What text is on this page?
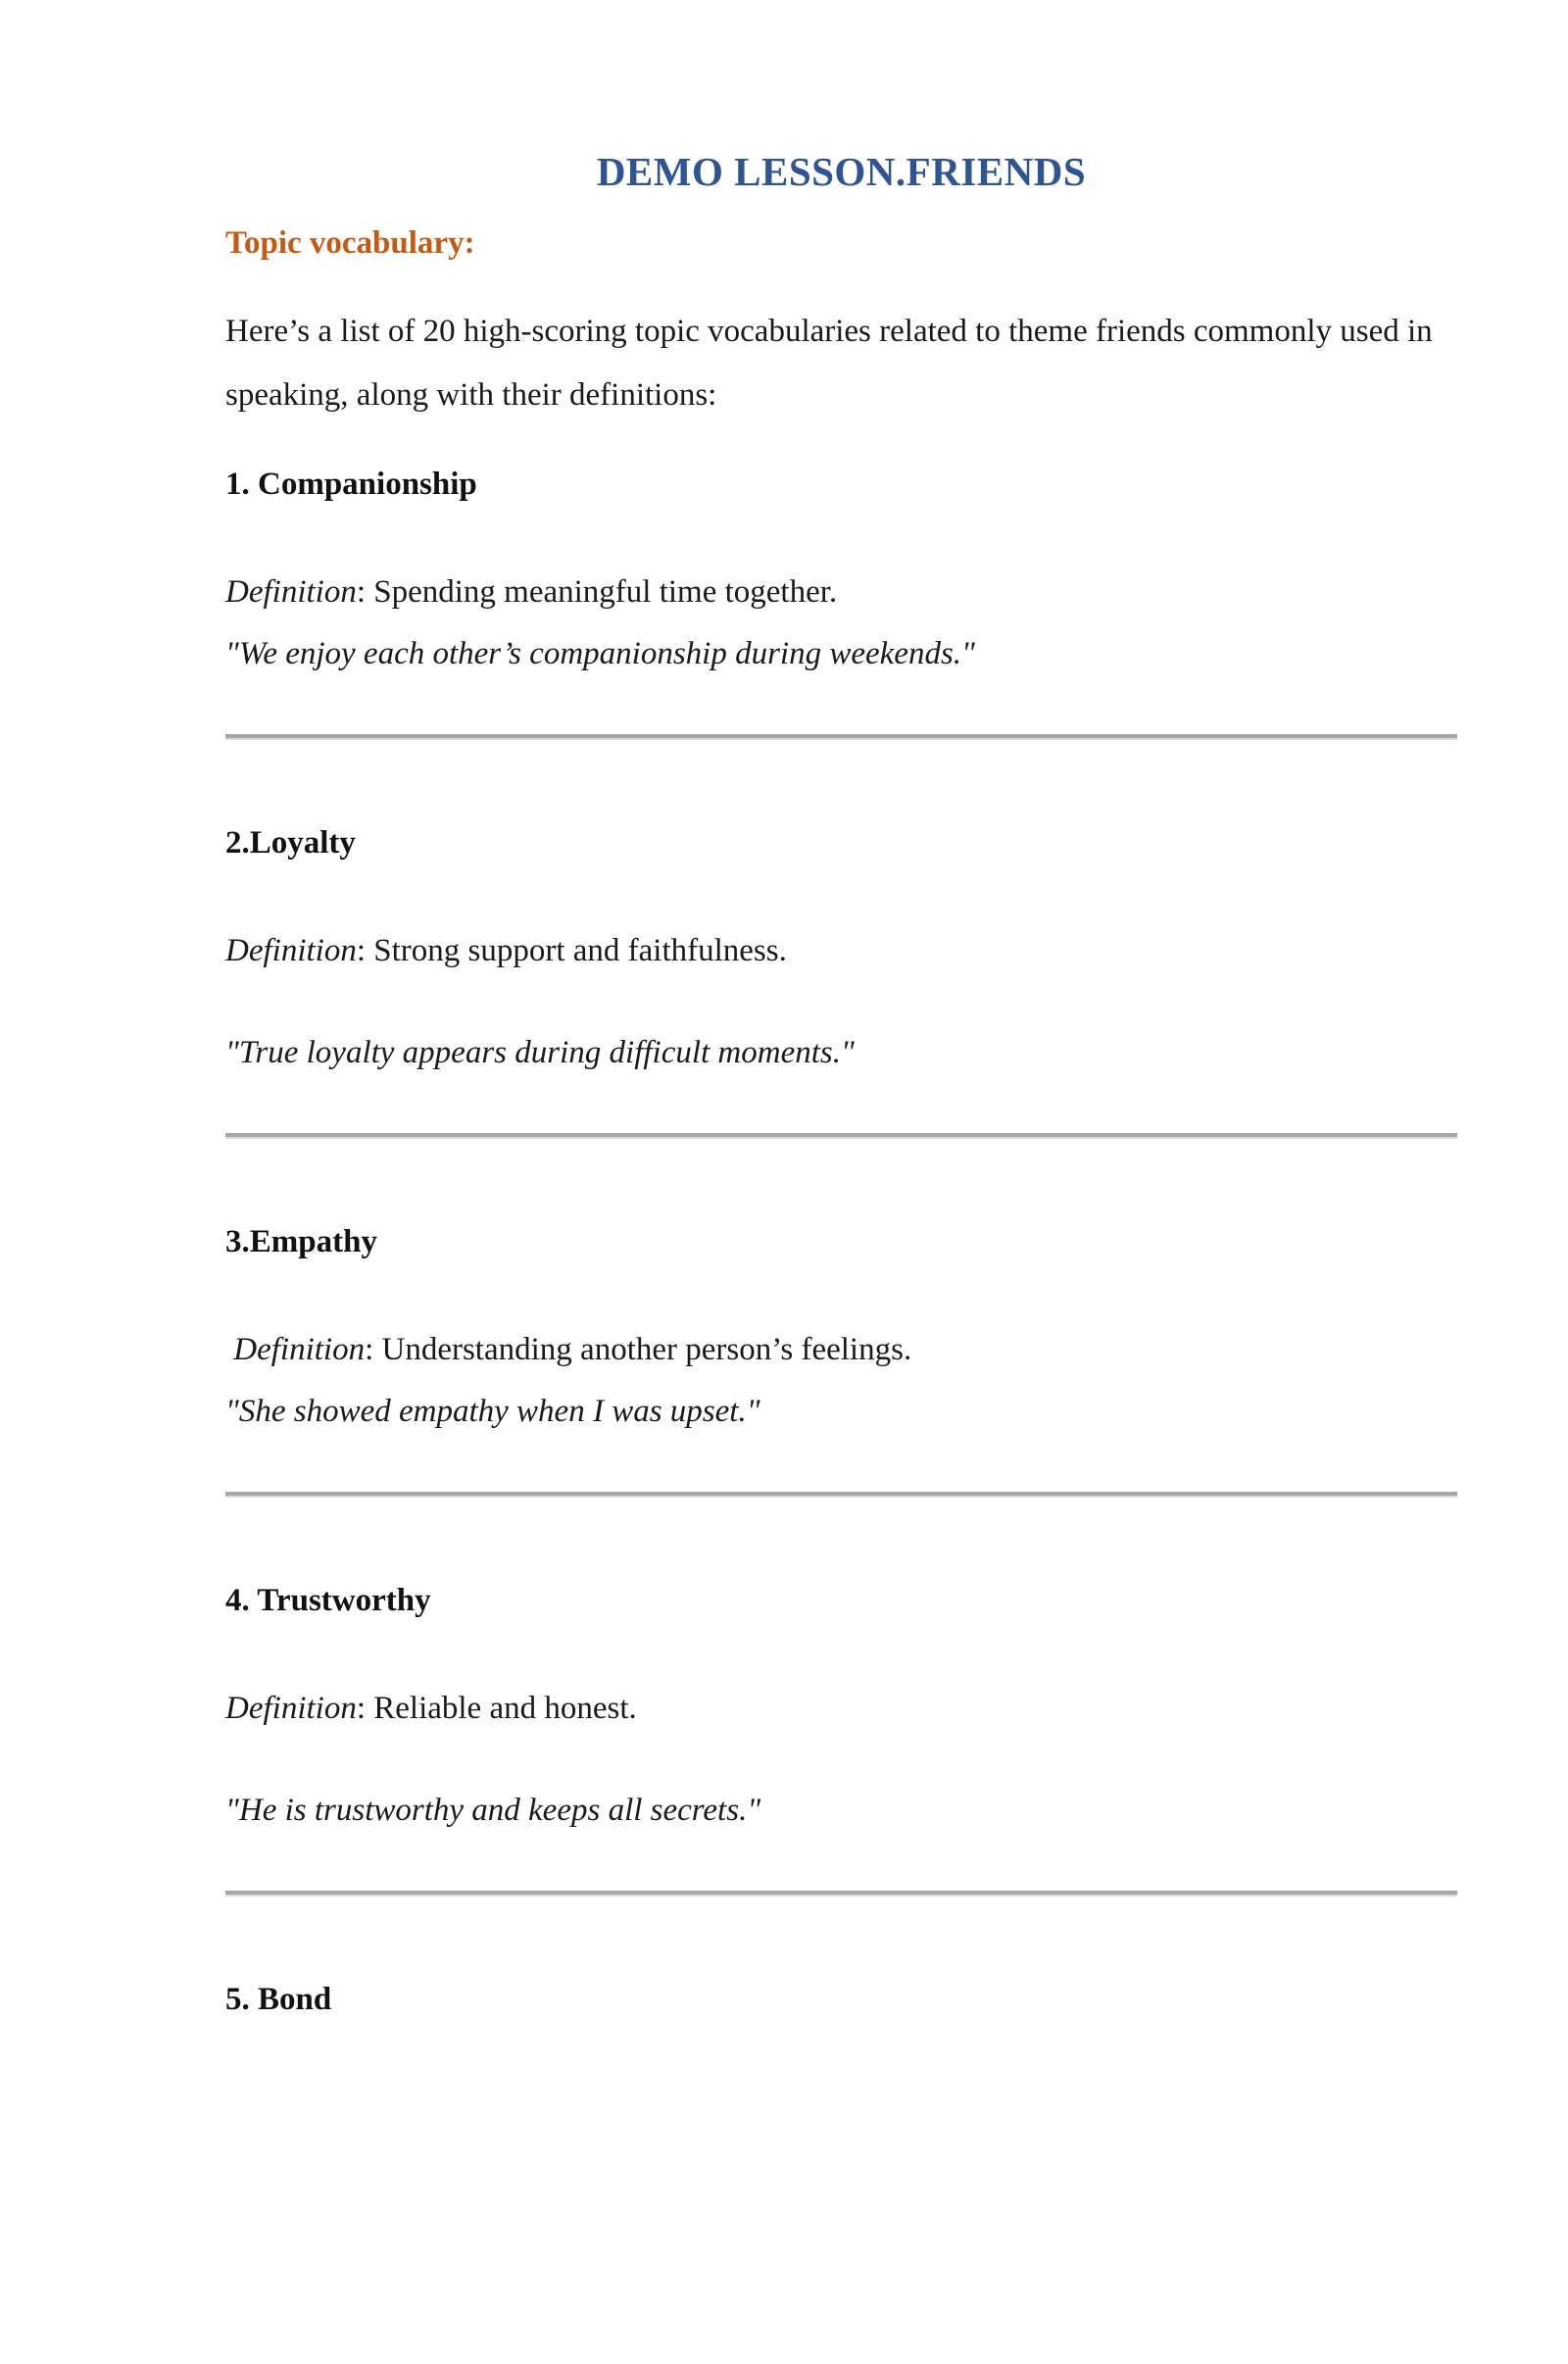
DEMO LESSON.FRIENDS
Topic vocabulary:

Here’s a list of 20 high-scoring topic vocabularies related to theme friends commonly used in speaking, along with their definitions:

1. Companionship

Definition: Spending meaningful time together.

"We enjoy each other’s companionship during weekends."

2.Loyalty

Definition: Strong support and faithfulness.

"True loyalty appears during difficult moments."

3.Empathy

Definition: Understanding another person’s feelings.

"She showed empathy when I was upset."

4. Trustworthy

Definition: Reliable and honest.

"He is trustworthy and keeps all secrets."

5. Bond
